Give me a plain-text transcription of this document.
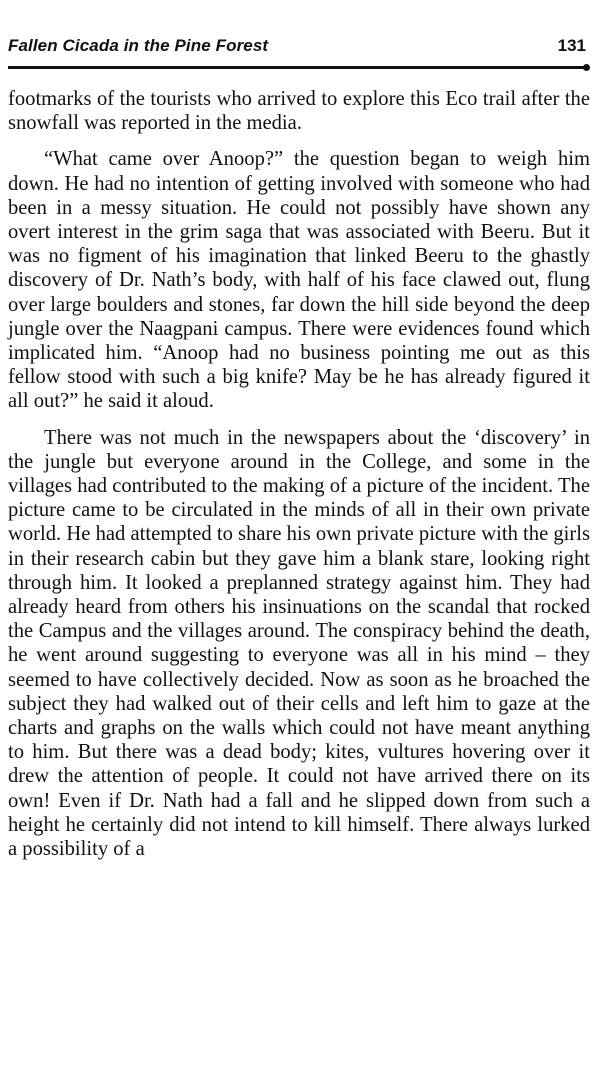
Fallen Cicada in the Pine Forest	131

footmarks of the tourists who arrived to explore this Eco trail after the snowfall was reported in the media.

“What came over Anoop?” the question began to weigh him down. He had no intention of getting involved with someone who had been in a messy situation. He could not possibly have shown any overt interest in the grim saga that was associated with Beeru. But it was no figment of his imagination that linked Beeru to the ghastly discovery of Dr. Nath’s body, with half of his face clawed out, flung over large boulders and stones, far down the hill side beyond the deep jungle over the Naagpani campus. There were evidences found which implicated him. “Anoop had no business pointing me out as this fellow stood with such a big knife? May be he has already figured it all out?” he said it aloud.

There was not much in the newspapers about the ‘discovery’ in the jungle but everyone around in the College, and some in the villages had contributed to the making of a picture of the incident. The picture came to be circulated in the minds of all in their own private world. He had attempted to share his own private picture with the girls in their research cabin but they gave him a blank stare, looking right through him. It looked a preplanned strategy against him. They had already heard from others his insinuations on the scandal that rocked the Campus and the villages around. The conspiracy behind the death, he went around suggesting to everyone was all in his mind – they seemed to have collectively decided. Now as soon as he broached the subject they had walked out of their cells and left him to gaze at the charts and graphs on the walls which could not have meant anything to him. But there was a dead body; kites, vultures hovering over it drew the attention of people. It could not have arrived there on its own! Even if Dr. Nath had a fall and he slipped down from such a height he certainly did not intend to kill himself. There always lurked a possibility of a
